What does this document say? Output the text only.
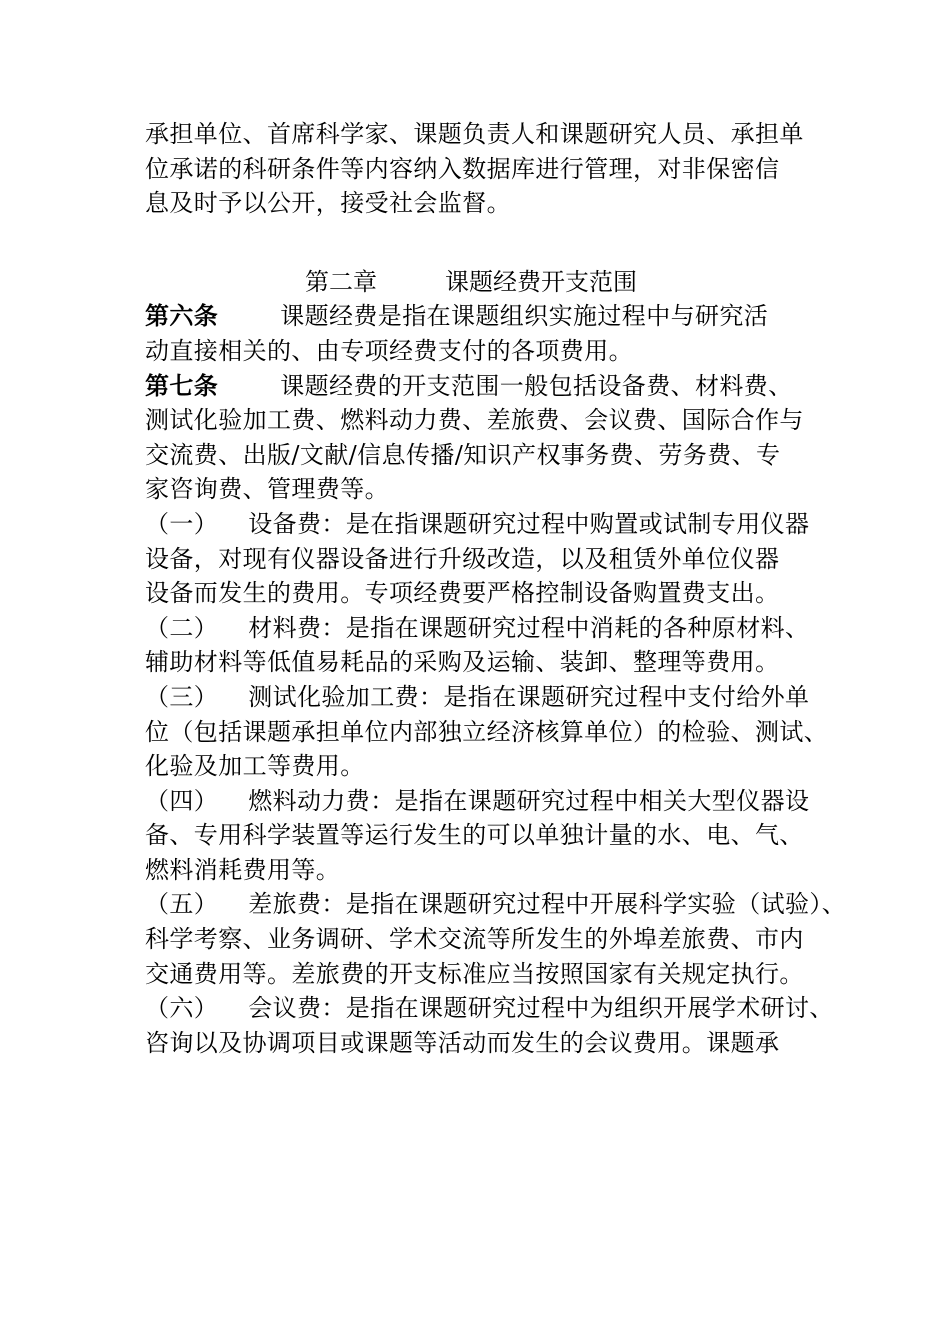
承担单位、首席科学家、课题负责人和课题研究人员、承担单
位承诺的科研条件等内容纳入数据库进行管理，对非保密信
息及时予以公开，接受社会监督。
第二章	课题经费开支范围
第六条	课题经费是指在课题组织实施过程中与研究活
动直接相关的、由专项经费支付的各项费用。
第七条	课题经费的开支范围一般包括设备费、材料费、
测试化验加工费、燃料动力费、差旅费、会议费、国际合作与
交流费、出版/文献/信息传播/知识产权事务费、劳务费、专
家咨询费、管理费等。
（一） 设备费：是在指课题研究过程中购置或试制专用仪器
设备，对现有仪器设备进行升级改造，以及租赁外单位仪器
设备而发生的费用。专项经费要严格控制设备购置费支出。
（二） 材料费：是指在课题研究过程中消耗的各种原材料、
辅助材料等低值易耗品的采购及运输、装卸、整理等费用。
（三） 测试化验加工费：是指在课题研究过程中支付给外单
位（包括课题承担单位内部独立经济核算单位）的检验、测试、
化验及加工等费用。
（四） 燃料动力费：是指在课题研究过程中相关大型仪器设
备、专用科学装置等运行发生的可以单独计量的水、电、气、
燃料消耗费用等。
（五） 差旅费：是指在课题研究过程中开展科学实验（试验）、
科学考察、业务调研、学术交流等所发生的外埠差旅费、市内
交通费用等。差旅费的开支标准应当按照国家有关规定执行。
（六） 会议费：是指在课题研究过程中为组织开展学术研讨、
咨询以及协调项目或课题等活动而发生的会议费用。课题承
